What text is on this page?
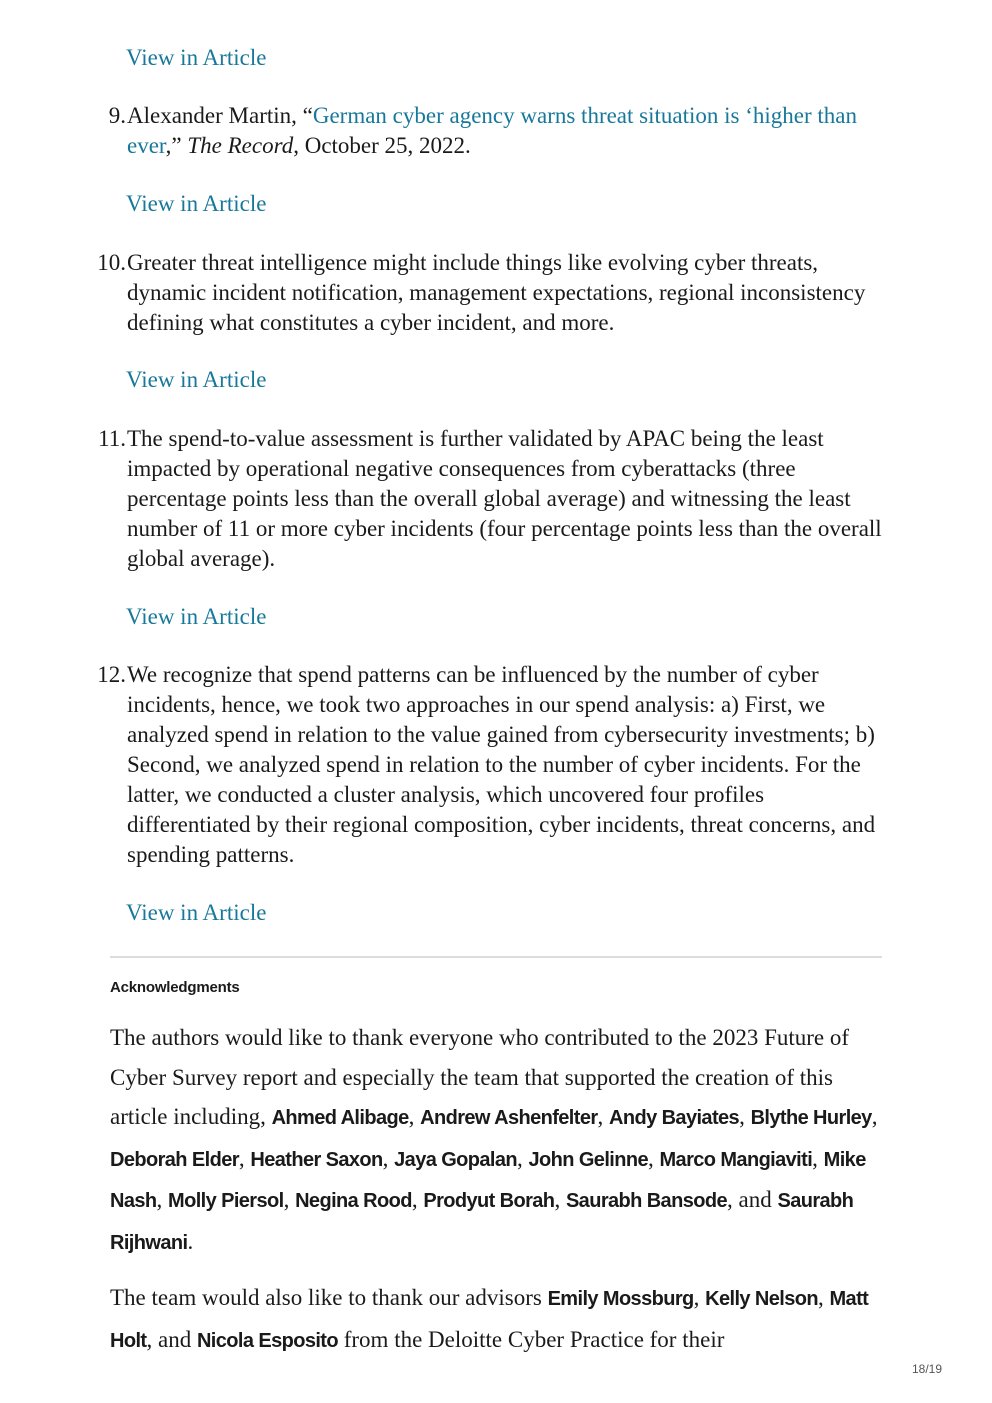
View in Article
9. Alexander Martin, “German cyber agency warns threat situation is ‘higher than ever,” The Record, October 25, 2022.
View in Article
10. Greater threat intelligence might include things like evolving cyber threats, dynamic incident notification, management expectations, regional inconsistency defining what constitutes a cyber incident, and more.
View in Article
11. The spend-to-value assessment is further validated by APAC being the least impacted by operational negative consequences from cyberattacks (three percentage points less than the overall global average) and witnessing the least number of 11 or more cyber incidents (four percentage points less than the overall global average).
View in Article
12. We recognize that spend patterns can be influenced by the number of cyber incidents, hence, we took two approaches in our spend analysis: a) First, we analyzed spend in relation to the value gained from cybersecurity investments; b) Second, we analyzed spend in relation to the number of cyber incidents. For the latter, we conducted a cluster analysis, which uncovered four profiles differentiated by their regional composition, cyber incidents, threat concerns, and spending patterns.
View in Article
Acknowledgments
The authors would like to thank everyone who contributed to the 2023 Future of Cyber Survey report and especially the team that supported the creation of this article including, Ahmed Alibage, Andrew Ashenfelter, Andy Bayiates, Blythe Hurley, Deborah Elder, Heather Saxon, Jaya Gopalan, John Gelinne, Marco Mangiaviti, Mike Nash, Molly Piersol, Negina Rood, Prodyut Borah, Saurabh Bansode, and Saurabh Rijhwani.
The team would also like to thank our advisors Emily Mossburg, Kelly Nelson, Matt Holt, and Nicola Esposito from the Deloitte Cyber Practice for their
18/19
